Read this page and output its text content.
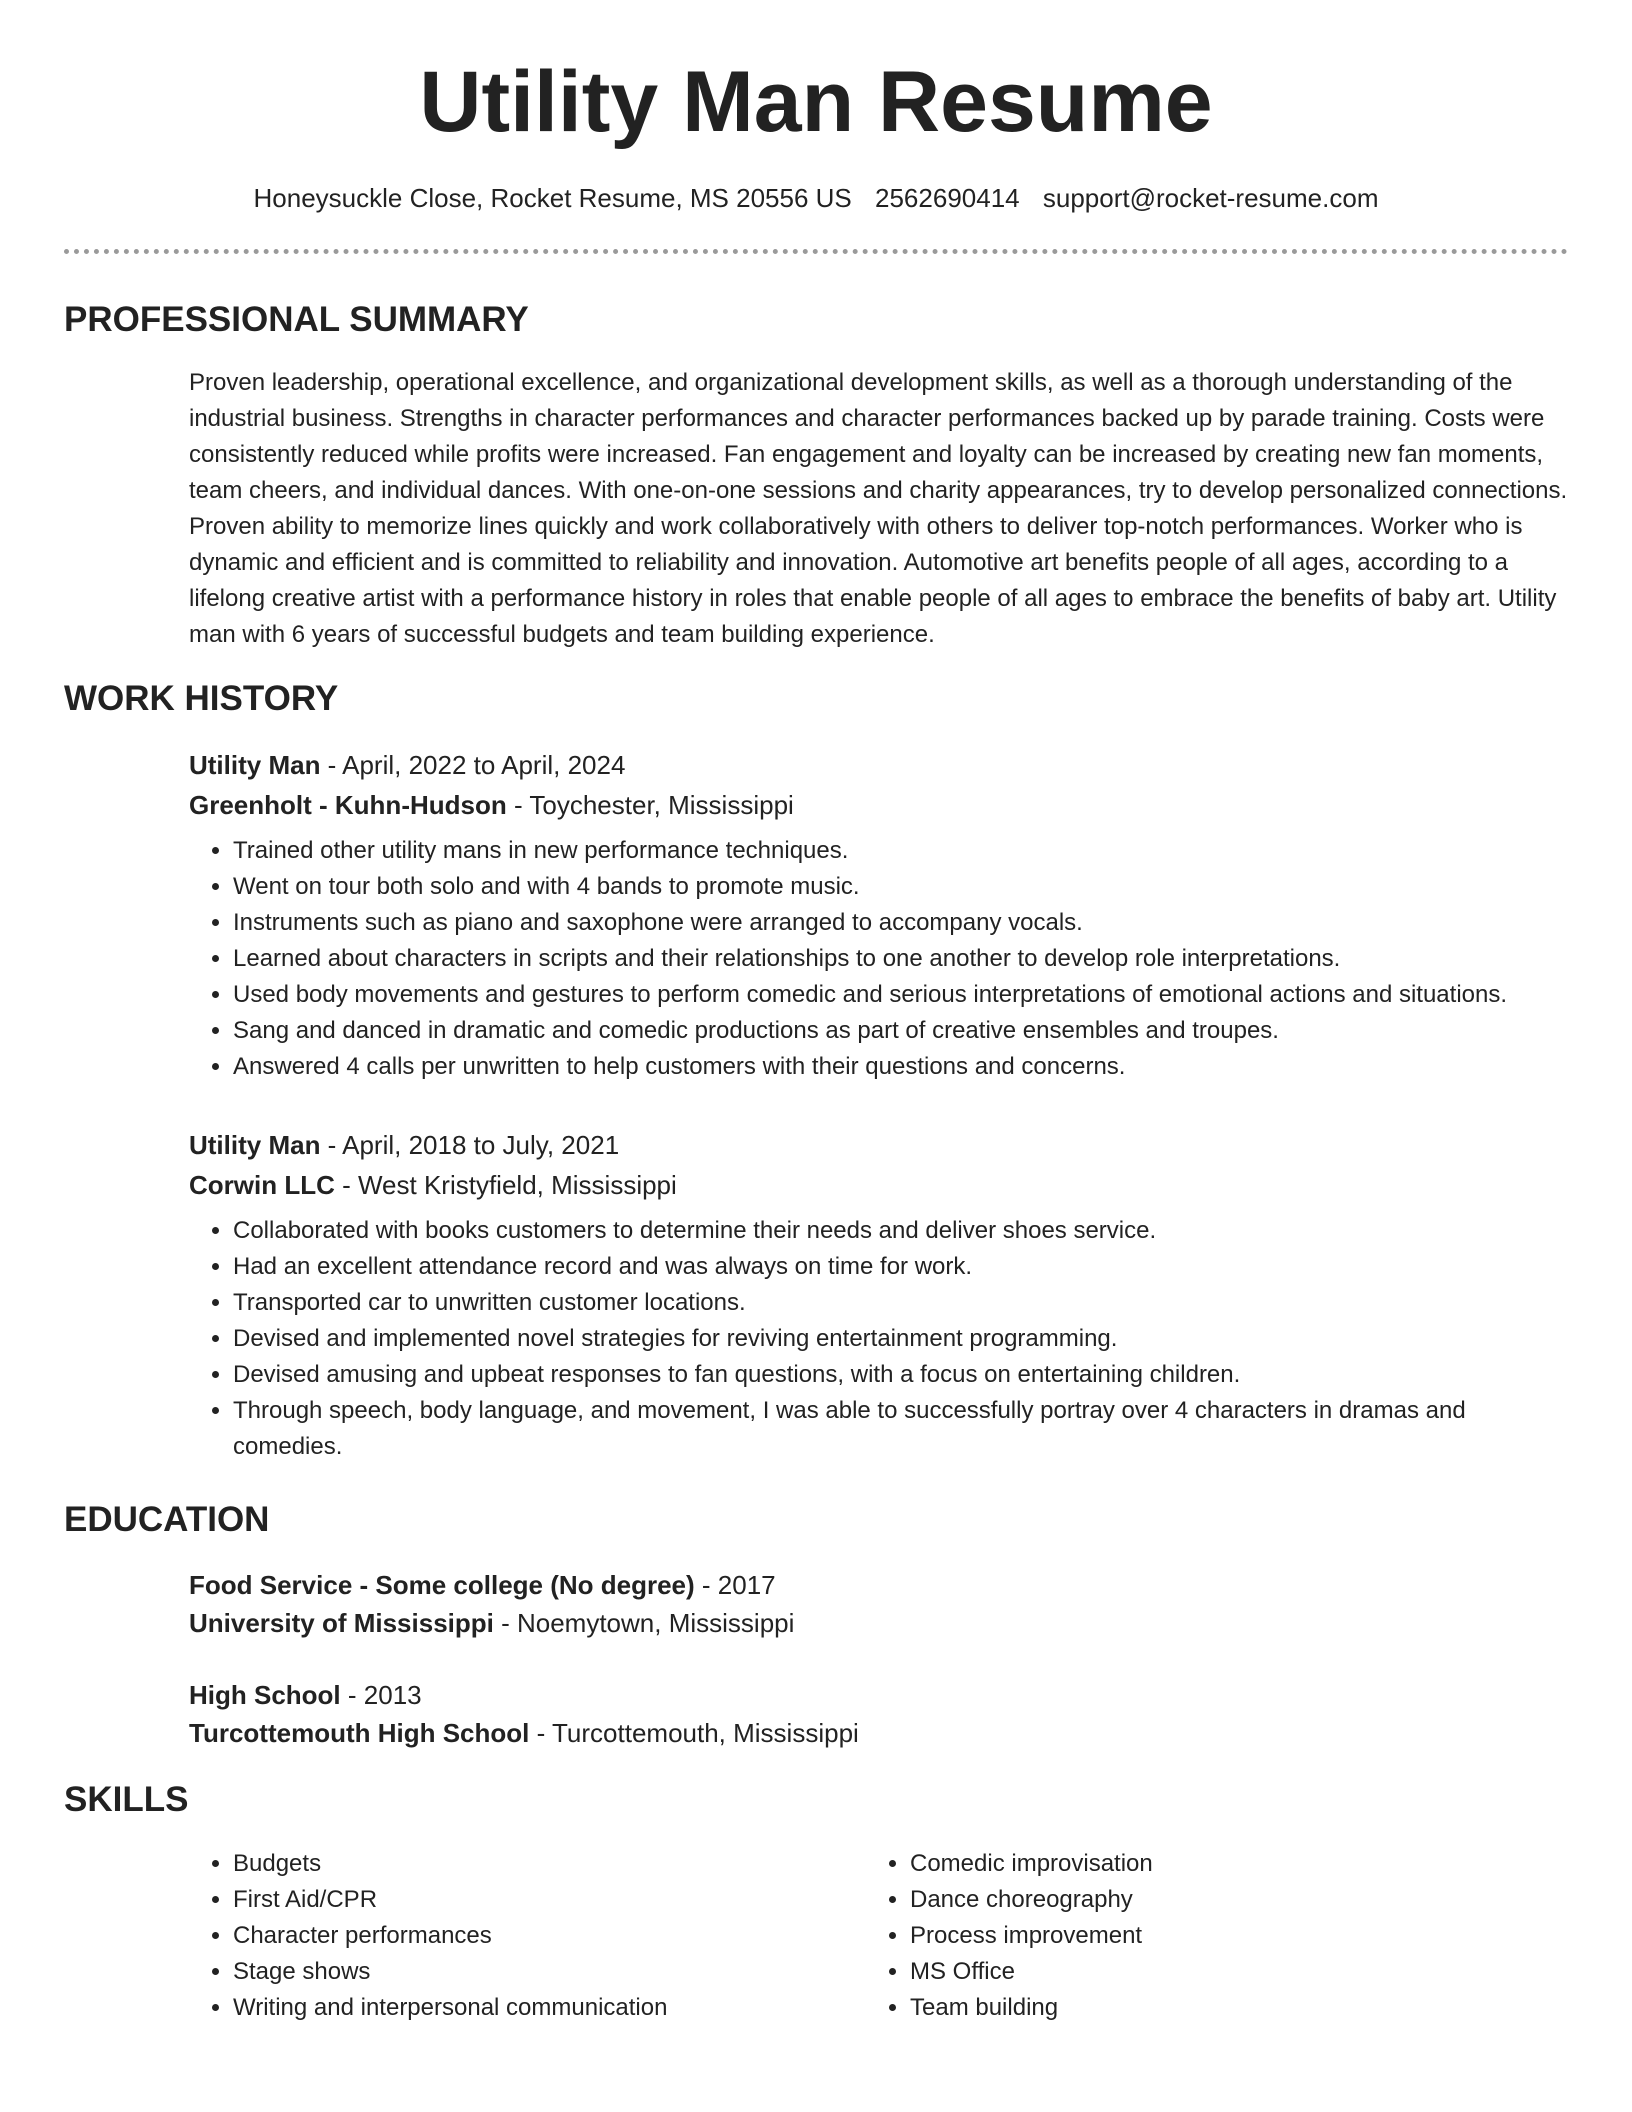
Utility Man Resume
Honeysuckle Close, Rocket Resume, MS 20556 US 2562690414 support@rocket-resume.com
PROFESSIONAL SUMMARY

Proven leadership, operational excellence, and organizational development skills, as well as a thorough understanding of the industrial business. Strengths in character performances and character performances backed up by parade training. Costs were consistently reduced while profits were increased. Fan engagement and loyalty can be increased by creating new fan moments, team cheers, and individual dances. With one-on-one sessions and charity appearances, try to develop personalized connections. Proven ability to memorize lines quickly and work collaboratively with others to deliver top-notch performances. Worker who is dynamic and efficient and is committed to reliability and innovation. Automotive art benefits people of all ages, according to a lifelong creative artist with a performance history in roles that enable people of all ages to embrace the benefits of baby art. Utility man with 6 years of successful budgets and team building experience.

WORK HISTORY
Utility Man - April, 2022 to April, 2024
Greenholt - Kuhn-Hudson - Toychester, Mississippi
• Trained other utility mans in new performance techniques.
• Went on tour both solo and with 4 bands to promote music.
• Instruments such as piano and saxophone were arranged to accompany vocals.
• Learned about characters in scripts and their relationships to one another to develop role interpretations.
• Used body movements and gestures to perform comedic and serious interpretations of emotional actions and situations.
• Sang and danced in dramatic and comedic productions as part of creative ensembles and troupes.
• Answered 4 calls per unwritten to help customers with their questions and concerns.
Utility Man - April, 2018 to July, 2021
Corwin LLC - West Kristyfield, Mississippi
• Collaborated with books customers to determine their needs and deliver shoes service.
• Had an excellent attendance record and was always on time for work.
• Transported car to unwritten customer locations.
• Devised and implemented novel strategies for reviving entertainment programming.
• Devised amusing and upbeat responses to fan questions, with a focus on entertaining children.
• Through speech, body language, and movement, I was able to successfully portray over 4 characters in dramas and comedies.
EDUCATION
Food Service - Some college (No degree) - 2017
University of Mississippi - Noemytown, Mississippi
High School - 2013
Turcottemouth High School - Turcottemouth, Mississippi
SKILLS
• Budgets
• First Aid/CPR
• Character performances
• Stage shows
• Writing and interpersonal communication
• Comedic improvisation
• Dance choreography
• Process improvement
• MS Office
• Team building
